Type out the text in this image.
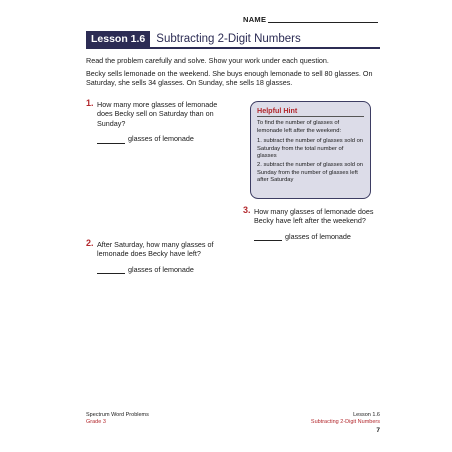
NAME
Lesson 1.6 Subtracting 2-Digit Numbers

Read the problem carefully and solve. Show your work under each question.

Becky sells lemonade on the weekend. She buys enough lemonade to sell 80 glasses. On Saturday, she sells 34 glasses. On Sunday, she sells 18 glasses.

1. How many more glasses of lemonade does Becky sell on Saturday than on Sunday?
glasses of lemonade
Helpful Hint

To find the number of glasses of lemonade left after the weekend:

1. subtract the number of glasses sold on Saturday from the total number of glasses
2. subtract the number of glasses sold on Sunday from the number of glasses left after Saturday
3. How many glasses of lemonade does Becky have left after the weekend?
glasses of lemonade
2. After Saturday, how many glasses of lemonade does Becky have left?
glasses of lemonade
Spectrum Word Problems
Grade 3
Lesson 1.6
Subtracting 2-Digit Numbers
7
